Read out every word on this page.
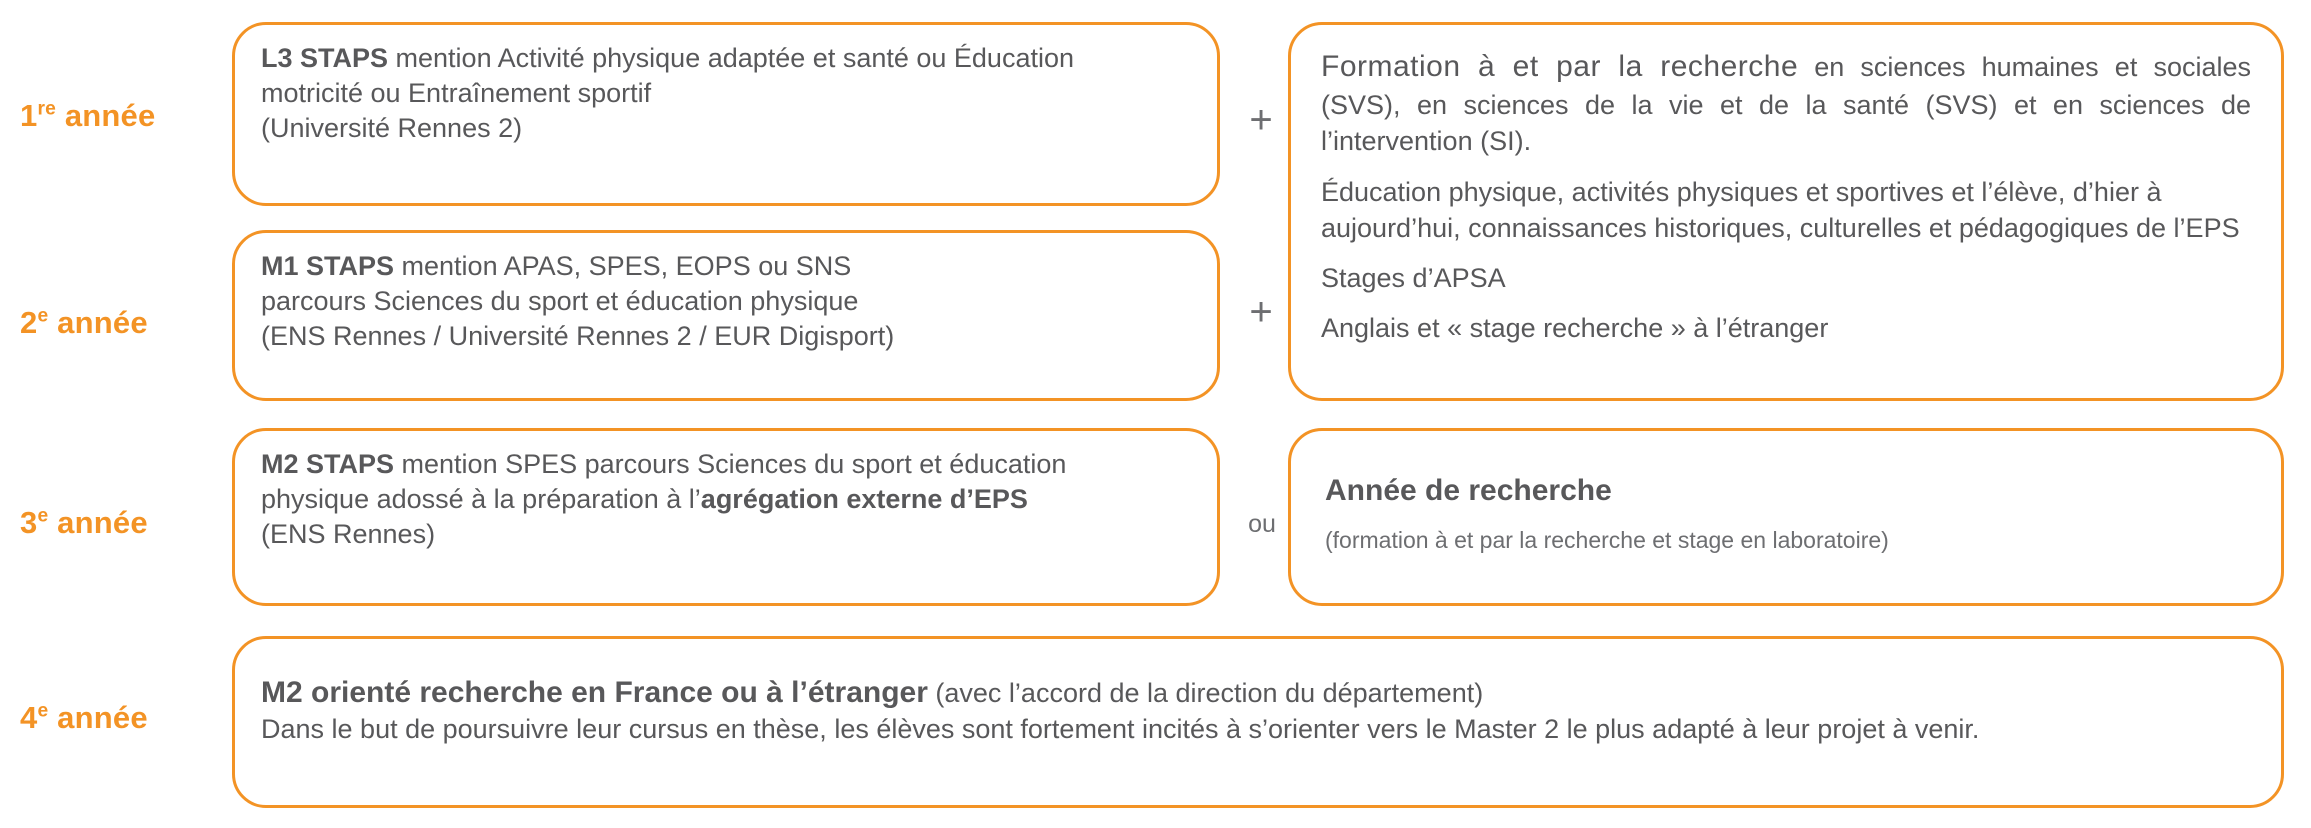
1re année
2e année
3e année
4e année
L3 STAPS mention Activité physique adaptée et santé ou Éducation
motricité ou Entraînement sportif
(Université Rennes 2)	+
M1 STAPS mention APAS, SPES, EOPS ou SNS
parcours Sciences du sport et éducation physique
(ENS Rennes / Université Rennes 2 / EUR Digisport)
+
M2 STAPS mention SPES parcours Sciences du sport et éducation
physique adossé à la préparation à l’agrégation externe d’EPS
(ENS Rennes)	ou
M2 orienté recherche en France ou à l’étranger (avec l’accord de la direction du département)
Dans le but de poursuivre leur cursus en thèse, les élèves sont fortement incités à s’orienter vers le Master 2 le plus adapté à leur projet à venir.

Formation à et par la recherche en sciences humaines et sociales (SVS), en sciences de la vie et de la santé (SVS) et en sciences de l’intervention (SI).

Éducation physique, activités physiques et sportives et l’élève, d’hier à aujourd’hui, connaissances historiques, culturelles et pédagogiques de l’EPS

Stages d’APSA

Anglais et « stage recherche » à l’étranger

Année de recherche
(formation à et par la recherche et stage en laboratoire)
